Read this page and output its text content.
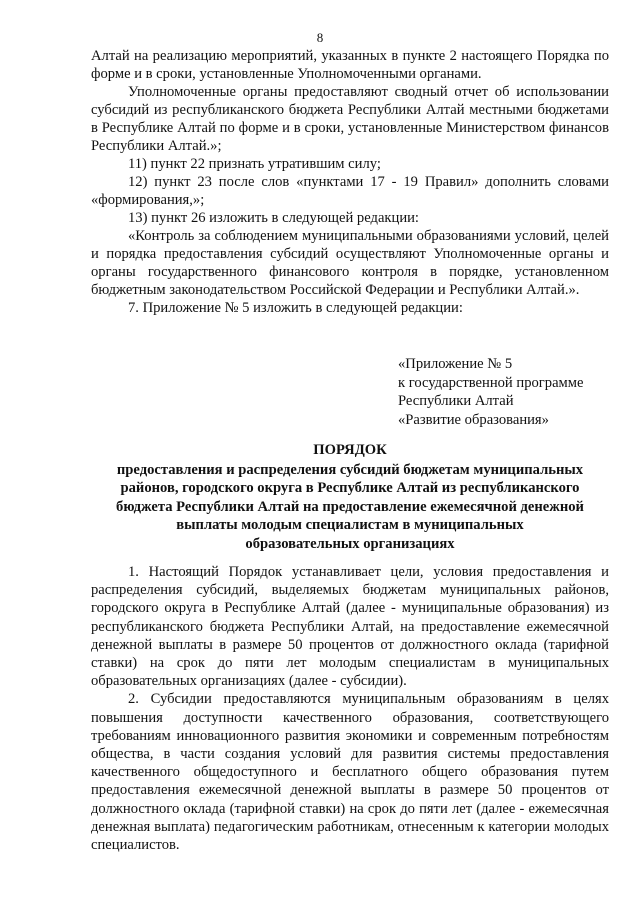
8

Алтай на реализацию мероприятий, указанных в пункте 2 настоящего Порядка по форме и в сроки, установленные Уполномоченными органами.

Уполномоченные органы предоставляют сводный отчет об использовании субсидий из республиканского бюджета Республики Алтай местными бюджетами в Республике Алтай по форме и в сроки, установленные Министерством финансов Республики Алтай.»;

11) пункт 22 признать утратившим силу;

12) пункт 23 после слов «пунктами 17 - 19 Правил» дополнить словами «формирования,»;

13) пункт 26 изложить в следующей редакции:

«Контроль за соблюдением муниципальными образованиями условий, целей и порядка предоставления субсидий осуществляют Уполномоченные органы и органы государственного финансового контроля в порядке, установленном бюджетным законодательством Российской Федерации и Республики Алтай.».

7. Приложение № 5 изложить в следующей редакции:

«Приложение № 5
к государственной программе
Республики Алтай
«Развитие образования»
ПОРЯДОК
предоставления и распределения субсидий бюджетам муниципальных
районов, городского округа в Республике Алтай из республиканского
бюджета Республики Алтай на предоставление ежемесячной денежной
выплаты молодым специалистам в муниципальных
образовательных организациях

1. Настоящий Порядок устанавливает цели, условия предоставления и распределения субсидий, выделяемых бюджетам муниципальных районов, городского округа в Республике Алтай (далее - муниципальные образования) из республиканского бюджета Республики Алтай, на предоставление ежемесячной денежной выплаты в размере 50 процентов от должностного оклада (тарифной ставки) на срок до пяти лет молодым специалистам в муниципальных образовательных организациях (далее - субсидии).

2. Субсидии предоставляются муниципальным образованиям в целях повышения доступности качественного образования, соответствующего требованиям инновационного развития экономики и современным потребностям общества, в части создания условий для развития системы предоставления качественного общедоступного и бесплатного общего образования путем предоставления ежемесячной денежной выплаты в размере 50 процентов от должностного оклада (тарифной ставки) на срок до пяти лет (далее - ежемесячная денежная выплата) педагогическим работникам, отнесенным к категории молодых специалистов.
